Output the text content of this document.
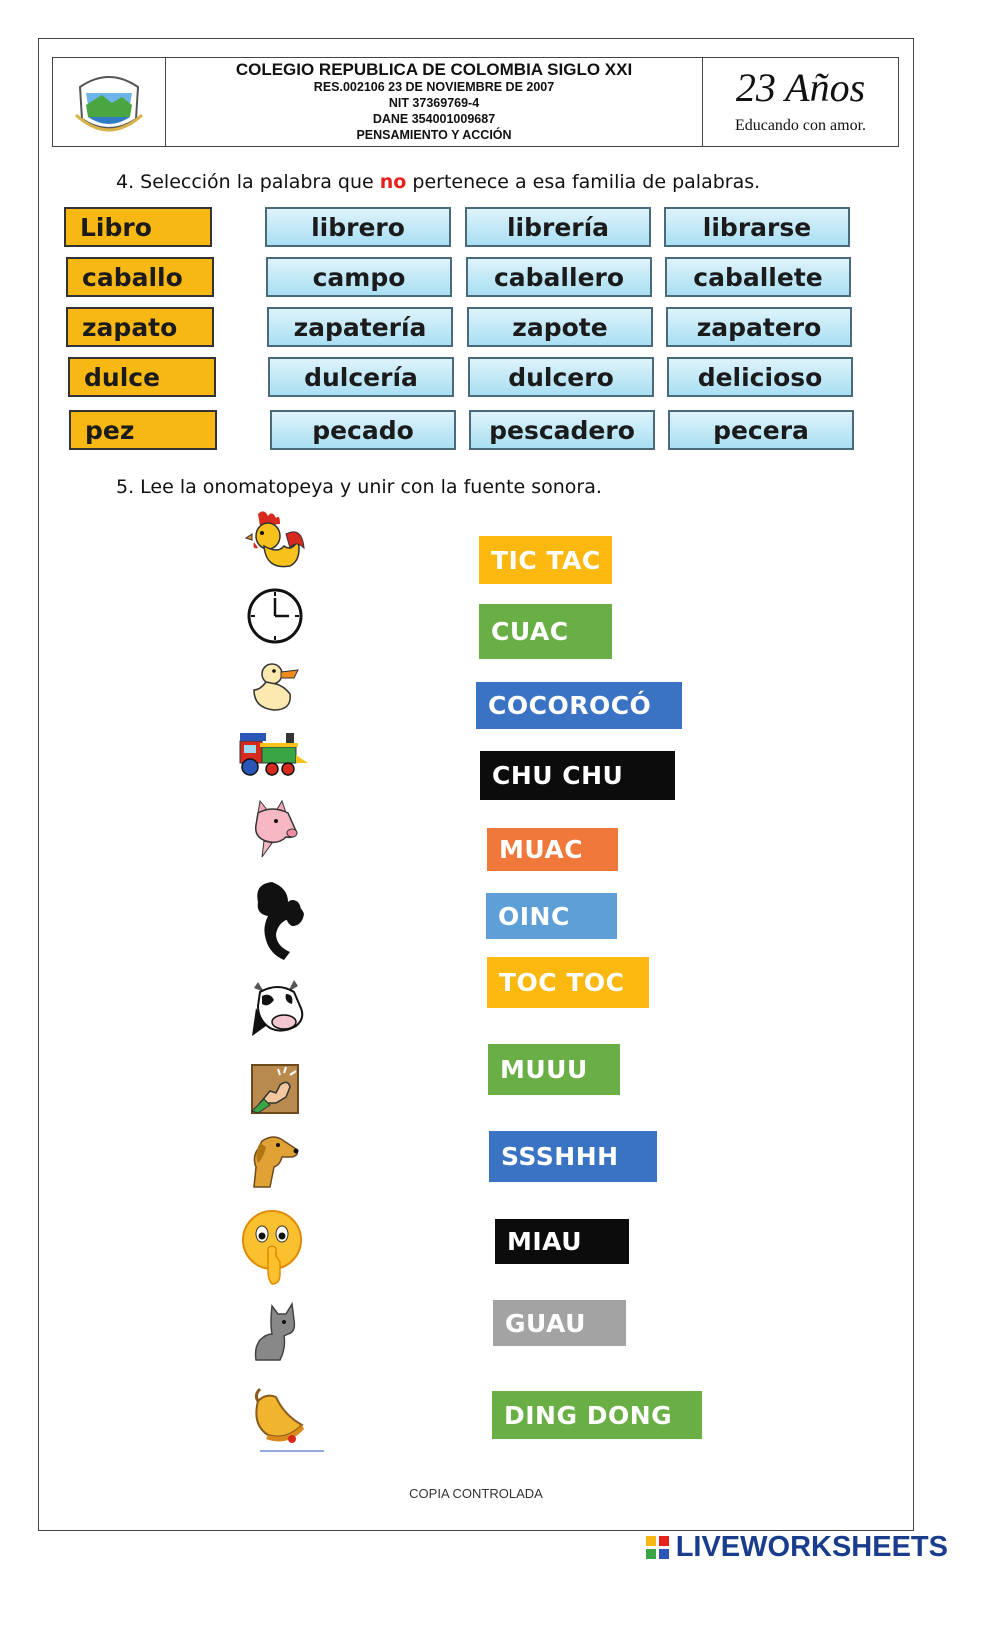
COLEGIO REPUBLICA DE COLOMBIA SIGLO XXI
RES.002106 23 DE NOVIEMBRE DE 2007
NIT 37369769-4
DANE 354001009687
PENSAMIENTO Y ACCIÓN
23 Años
Educando con amor.
4. Selección la palabra que no pertenece a esa familia de palabras.
Libro	librero	librería	librarse
caballo	campo	caballero	caballete
zapato	zapatería	zapote	zapatero
dulce	dulcería	dulcero	delicioso
pez	pecado	pescadero	pecera
5. Lee la onomatopeya y unir con la fuente sonora.
TIC TAC
CUAC
COCOROCÓ
CHU CHU
MUAC
OINC
TOC TOC
MUUU
SSSHHH
MIAU
GUAU
DING DONG
COPIA CONTROLADA
LIVEWORKSHEETS
